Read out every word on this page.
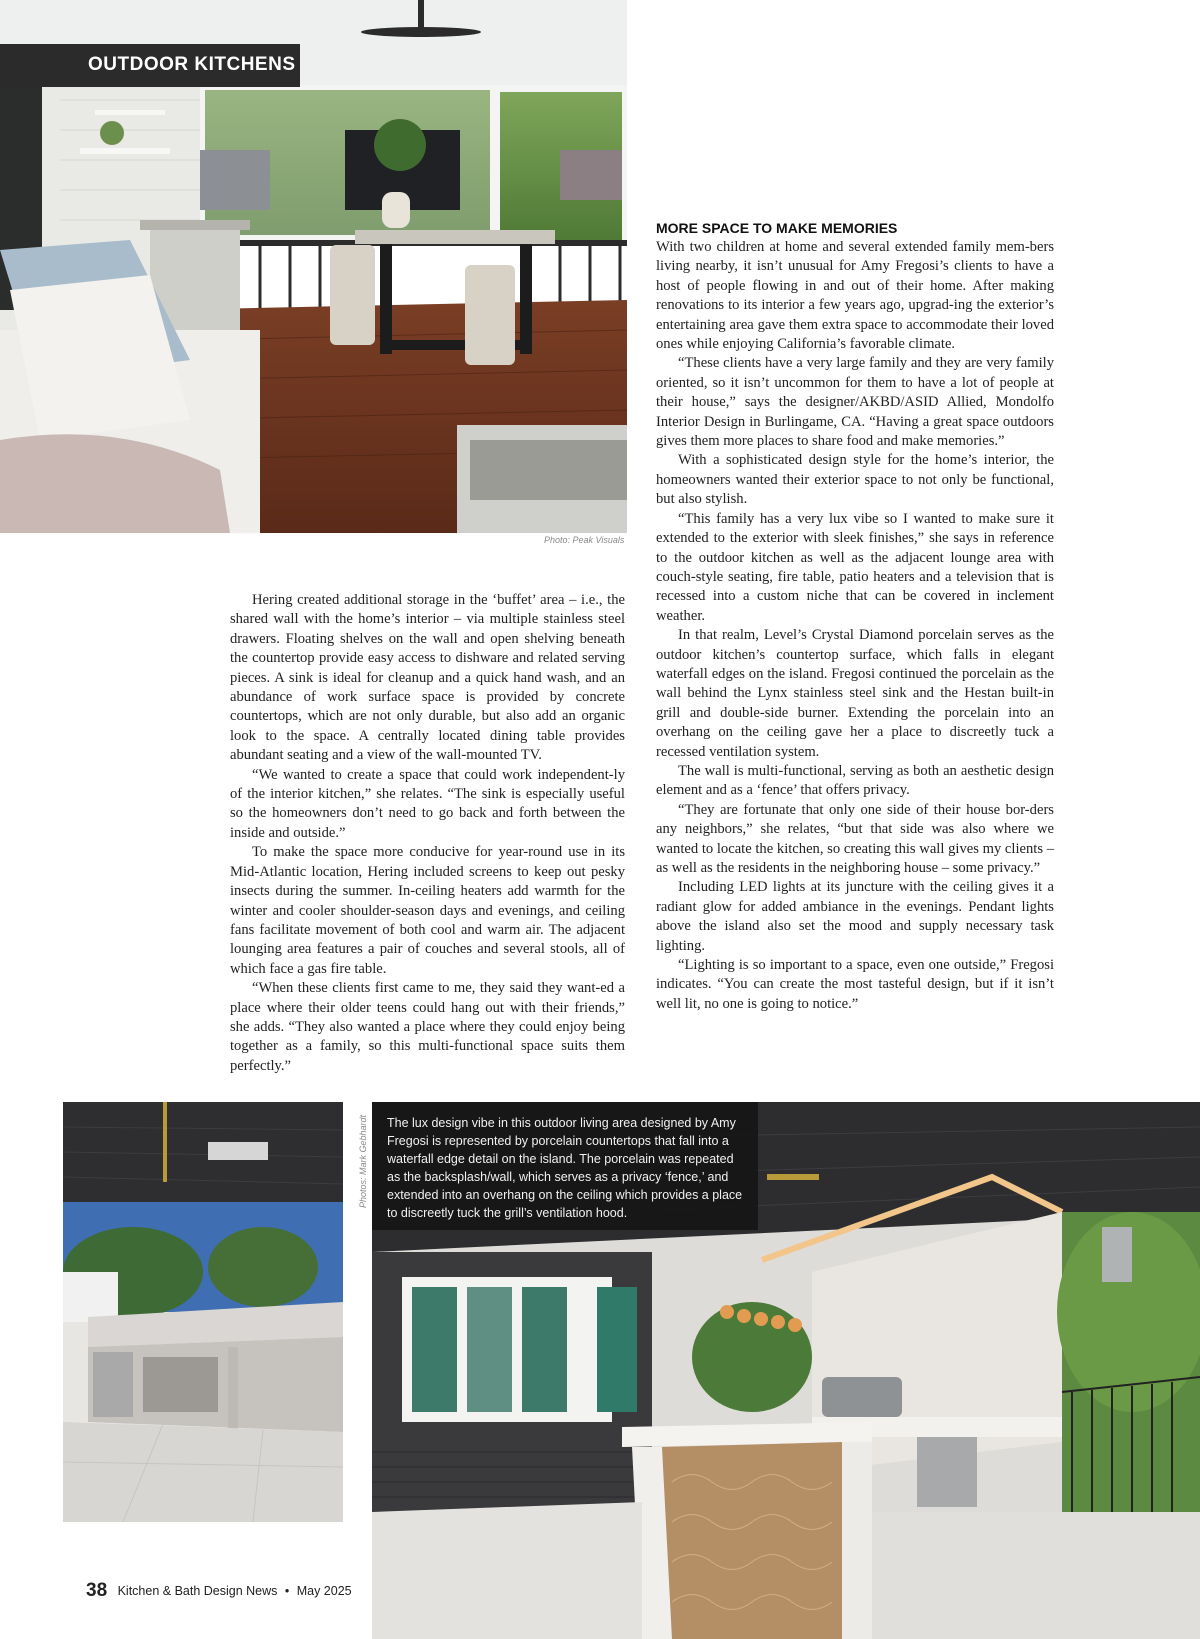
OUTDOOR KITCHENS
Photo: Peak Visuals

Hering created additional storage in the ‘buffet’ area – i.e., the shared wall with the home’s interior – via multiple stainless steel drawers. Floating shelves on the wall and open shelving beneath the countertop provide easy access to dishware and related serving pieces. A sink is ideal for cleanup and a quick hand wash, and an abundance of work surface space is provided by concrete countertops, which are not only durable, but also add an organic look to the space. A centrally located dining table provides abundant seating and a view of the wall-mounted TV.

“We wanted to create a space that could work independent-ly of the interior kitchen,” she relates. “The sink is especially useful so the homeowners don’t need to go back and forth between the inside and outside.”

To make the space more conducive for year-round use in its Mid-Atlantic location, Hering included screens to keep out pesky insects during the summer. In-ceiling heaters add warmth for the winter and cooler shoulder-season days and evenings, and ceiling fans facilitate movement of both cool and warm air. The adjacent lounging area features a pair of couches and several stools, all of which face a gas fire table.

“When these clients first came to me, they said they want-ed a place where their older teens could hang out with their friends,” she adds. “They also wanted a place where they could enjoy being together as a family, so this multi-functional space suits them perfectly.”

MORE SPACE TO MAKE MEMORIES

With two children at home and several extended family mem-bers living nearby, it isn’t unusual for Amy Fregosi’s clients to have a host of people flowing in and out of their home. After making renovations to its interior a few years ago, upgrad-ing the exterior’s entertaining area gave them extra space to accommodate their loved ones while enjoying California’s favorable climate.

“These clients have a very large family and they are very family oriented, so it isn’t uncommon for them to have a lot of people at their house,” says the designer/AKBD/ASID Allied, Mondolfo Interior Design in Burlingame, CA. “Having a great space outdoors gives them more places to share food and make memories.”

With a sophisticated design style for the home’s interior, the homeowners wanted their exterior space to not only be functional, but also stylish.

“This family has a very lux vibe so I wanted to make sure it extended to the exterior with sleek finishes,” she says in reference to the outdoor kitchen as well as the adjacent lounge area with couch-style seating, fire table, patio heaters and a television that is recessed into a custom niche that can be covered in inclement weather.

In that realm, Level’s Crystal Diamond porcelain serves as the outdoor kitchen’s countertop surface, which falls in elegant waterfall edges on the island. Fregosi continued the porcelain as the wall behind the Lynx stainless steel sink and the Hestan built-in grill and double-side burner. Extending the porcelain into an overhang on the ceiling gave her a place to discreetly tuck a recessed ventilation system.

The wall is multi-functional, serving as both an aesthetic design element and as a ‘fence’ that offers privacy.

“They are fortunate that only one side of their house bor-ders any neighbors,” she relates, “but that side was also where we wanted to locate the kitchen, so creating this wall gives my clients – as well as the residents in the neighboring house – some privacy.”

Including LED lights at its juncture with the ceiling gives it a radiant glow for added ambiance in the evenings. Pendant lights above the island also set the mood and supply necessary task lighting.

“Lighting is so important to a space, even one outside,” Fregosi indicates. “You can create the most tasteful design, but if it isn’t well lit, no one is going to notice.”

Photos: Mark Gebhardt The lux design vibe in this outdoor living area designed by Amy Fregosi is represented by porcelain countertops that fall into a waterfall edge detail on the island. The porcelain was repeated as the backsplash/wall, which serves as a privacy ‘fence,’ and extended into an overhang on the ceiling which provides a place to discreetly tuck the grill’s ventilation hood.

38 Kitchen & Bath Design News • May 2025
